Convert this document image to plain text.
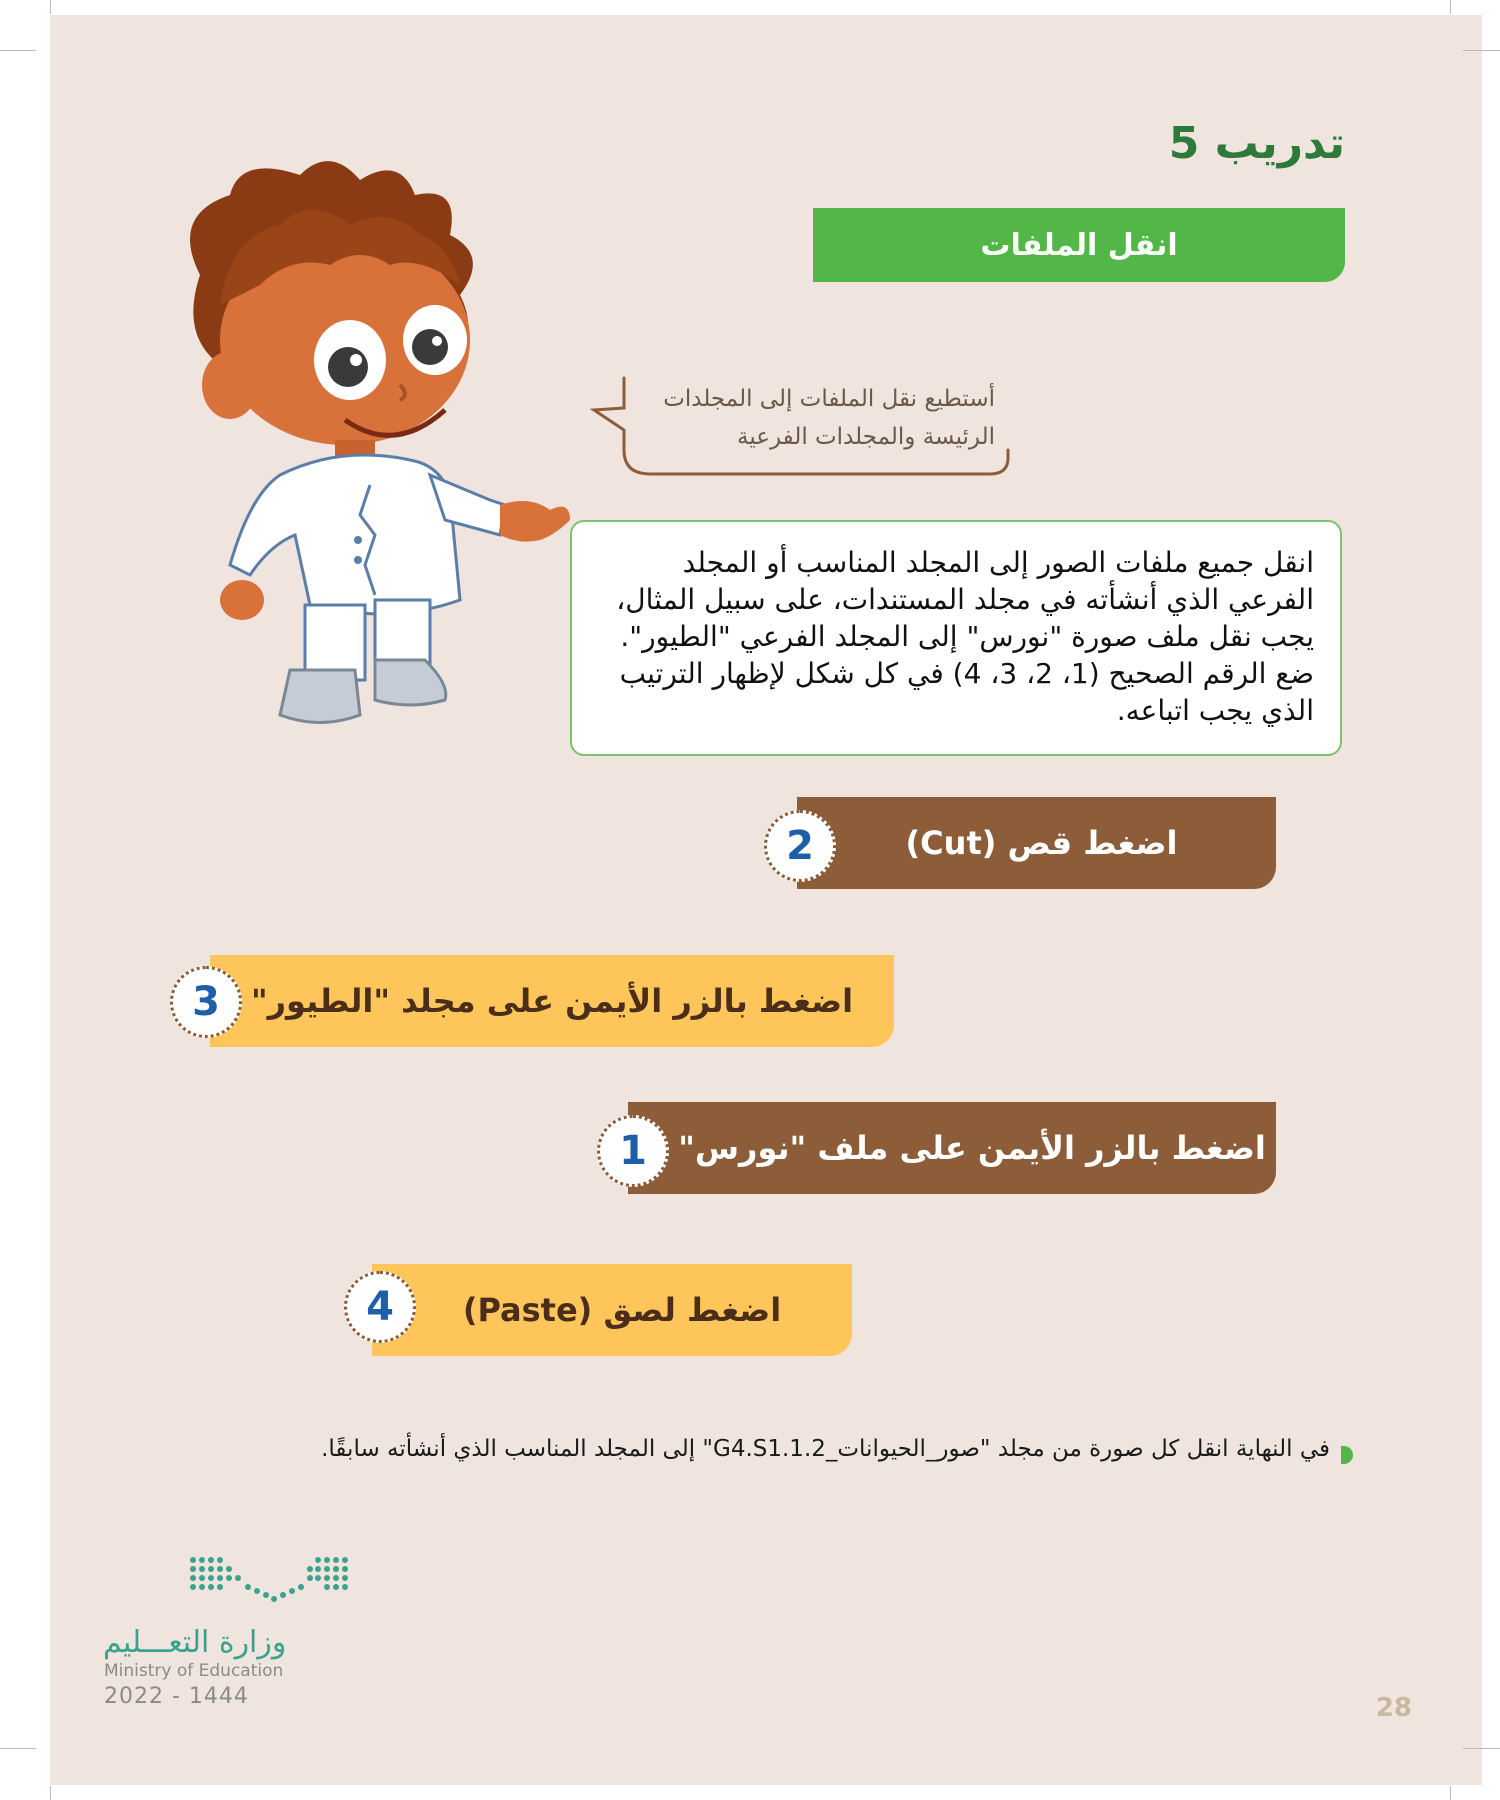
تدريب 5
انقل الملفات
أستطيع نقل الملفات إلى المجلدات
الرئيسة والمجلدات الفرعية
انقل جميع ملفات الصور إلى المجلد المناسب أو المجلد الفرعي الذي أنشأته في مجلد المستندات، على سبيل المثال، يجب نقل ملف صورة "نورس" إلى المجلد الفرعي "الطيور". ضع الرقم الصحيح (1، 2، 3، 4) في كل شكل لإظهار الترتيب الذي يجب اتباعه.
اضغط قص (Cut)
2
اضغط بالزر الأيمن على مجلد "الطيور"
3
اضغط بالزر الأيمن على ملف "نورس"
1
اضغط لصق (Paste)
4
في النهاية انقل كل صورة من مجلد "صور_الحيوانات_G4.S1.1.2" إلى المجلد المناسب الذي أنشأته سابقًا.
وزارة التعـــليم
Ministry of Education
2022 - 1444	28
